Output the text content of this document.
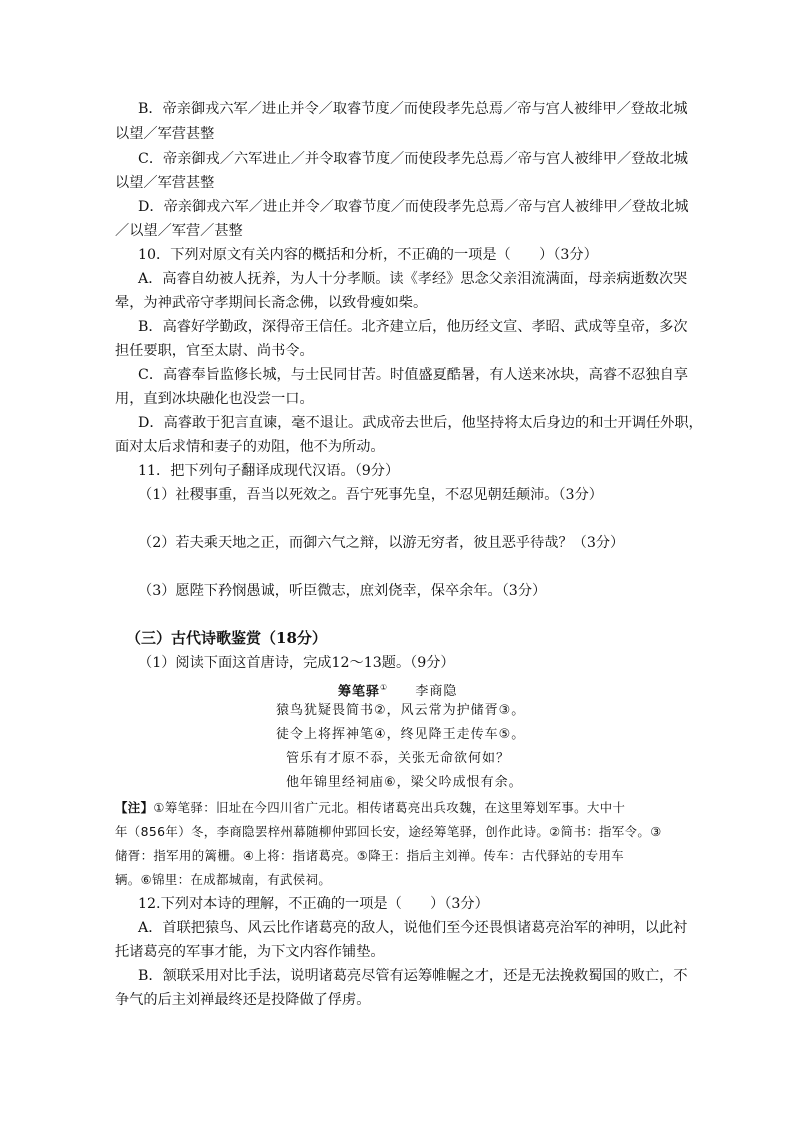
B．帝亲御戎六军／进止并令／取睿节度／而使段孝先总焉／帝与宫人被绯甲／登故北城
以望／军营甚整
C．帝亲御戎／六军进止／并令取睿节度／而使段孝先总焉／帝与宫人被绯甲／登故北城
以望／军营甚整
D．帝亲御戎六军／进止并令／取睿节度／而使段孝先总焉／帝与宫人被绯甲／登故北城
／以望／军营／甚整
10．下列对原文有关内容的概括和分析，不正确的一项是（　　）（3分）
A．高睿自幼被人抚养，为人十分孝顺。读《孝经》思念父亲泪流满面，母亲病逝数次哭
晕，为神武帝守孝期间长斋念佛，以致骨瘦如柴。
B．高睿好学勤政，深得帝王信任。北齐建立后，他历经文宣、孝昭、武成等皇帝，多次
担任要职，官至太尉、尚书令。
C．高睿奉旨监修长城，与士民同甘苦。时值盛夏酷暑，有人送来冰块，高睿不忍独自享
用，直到冰块融化也没尝一口。
D．高睿敢于犯言直谏，毫不退让。武成帝去世后，他坚持将太后身边的和士开调任外职，
面对太后求情和妻子的劝阻，他不为所动。
11．把下列句子翻译成现代汉语。（9分）
（1）社稷事重，吾当以死效之。吾宁死事先皇，不忍见朝廷颠沛。（3分）
（2）若夫乘天地之正，而御六气之辩，以游无穷者，彼且恶乎待哉？（3分）
（3）愿陛下矜悯愚诚，听臣微志，庶刘侥幸，保卒余年。（3分）
（三）古代诗歌鉴赏（18分）
（1）阅读下面这首唐诗，完成12～13题。（9分）
筹笔驿① 李商隐
猿鸟犹疑畏简书②，风云常为护储胥③。
徒令上将挥神笔④，终见降王走传车⑤。
管乐有才原不忝，关张无命欲何如？
他年锦里经祠庙⑥，梁父吟成恨有余。
【注】①筹笔驿：旧址在今四川省广元北。相传诸葛亮出兵攻魏，在这里筹划军事。大中十
年（856年）冬，李商隐罢梓州幕随柳仲郢回长安，途经筹笔驿，创作此诗。②简书：指军令。③
储胥：指军用的篱栅。④上将：指诸葛亮。⑤降王：指后主刘禅。传车：古代驿站的专用车
辆。⑥锦里：在成都城南，有武侯祠。
12.下列对本诗的理解，不正确的一项是（　　）（3分）
A．首联把猿鸟、风云比作诸葛亮的敌人，说他们至今还畏惧诸葛亮治军的神明，以此衬
托诸葛亮的军事才能，为下文内容作铺垫。
B．颔联采用对比手法，说明诸葛亮尽管有运筹帷幄之才，还是无法挽救蜀国的败亡，不
争气的后主刘禅最终还是投降做了俘虏。
